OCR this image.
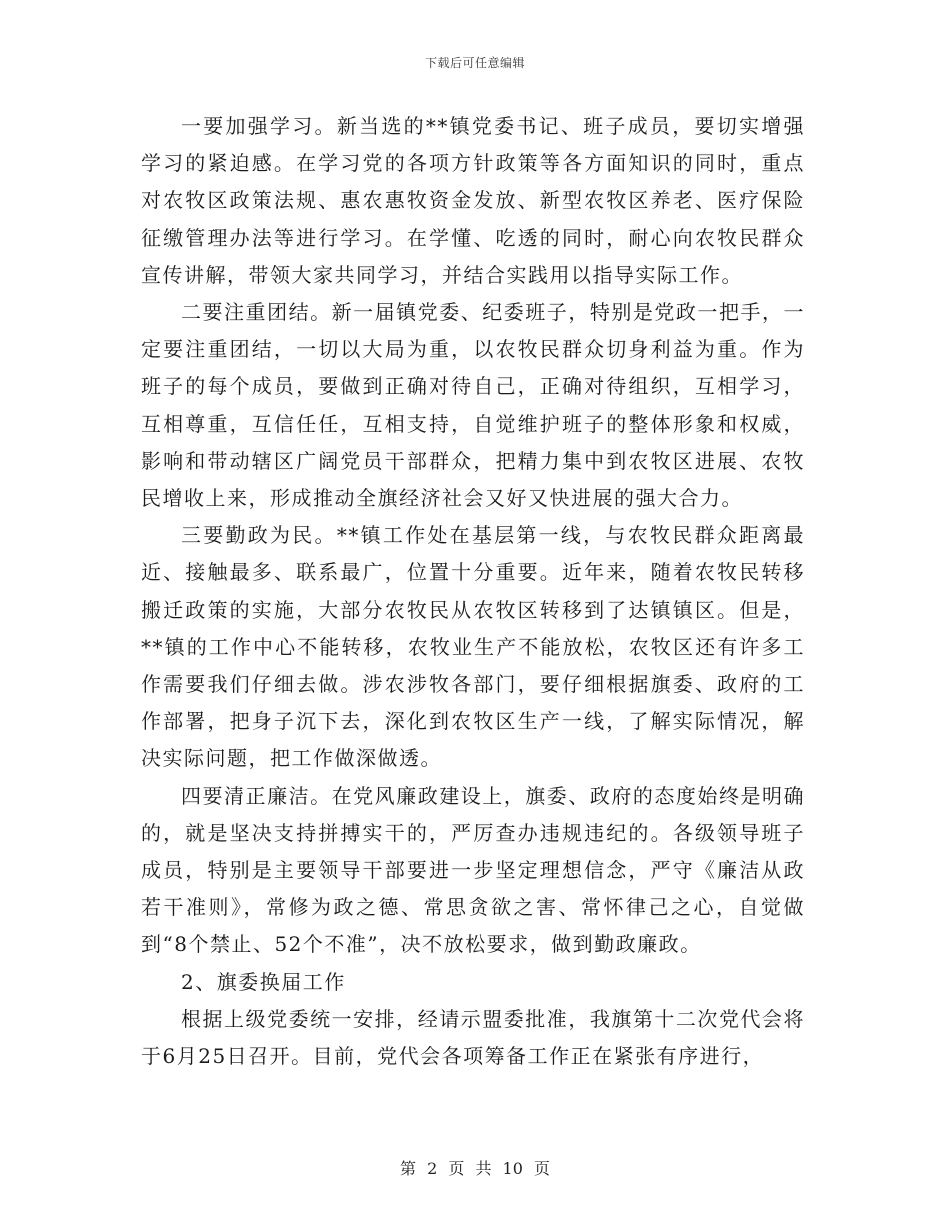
下载后可任意编辑

一要加强学习。新当选的**镇党委书记、班子成员，要切实增强学习的紧迫感。在学习党的各项方针政策等各方面知识的同时，重点对农牧区政策法规、惠农惠牧资金发放、新型农牧区养老、医疗保险征缴管理办法等进行学习。在学懂、吃透的同时，耐心向农牧民群众宣传讲解，带领大家共同学习，并结合实践用以指导实际工作。

二要注重团结。新一届镇党委、纪委班子，特别是党政一把手，一定要注重团结，一切以大局为重，以农牧民群众切身利益为重。作为班子的每个成员，要做到正确对待自己，正确对待组织，互相学习，互相尊重，互信任任，互相支持，自觉维护班子的整体形象和权威，影响和带动辖区广阔党员干部群众，把精力集中到农牧区进展、农牧民增收上来，形成推动全旗经济社会又好又快进展的强大合力。

三要勤政为民。**镇工作处在基层第一线，与农牧民群众距离最近、接触最多、联系最广，位置十分重要。近年来，随着农牧民转移搬迁政策的实施，大部分农牧民从农牧区转移到了达镇镇区。但是，**镇的工作中心不能转移，农牧业生产不能放松，农牧区还有许多工作需要我们仔细去做。涉农涉牧各部门，要仔细根据旗委、政府的工作部署，把身子沉下去，深化到农牧区生产一线，了解实际情况，解决实际问题，把工作做深做透。

四要清正廉洁。在党风廉政建设上，旗委、政府的态度始终是明确的，就是坚决支持拼搏实干的，严厉查办违规违纪的。各级领导班子成员，特别是主要领导干部要进一步坚定理想信念，严守《廉洁从政若干准则》，常修为政之德、常思贪欲之害、常怀律己之心，自觉做到“8个禁止、52个不准”，决不放松要求，做到勤政廉政。

2、旗委换届工作

根据上级党委统一安排，经请示盟委批准，我旗第十二次党代会将于6月25日召开。目前，党代会各项筹备工作正在紧张有序进行，

第 2 页 共 10 页
